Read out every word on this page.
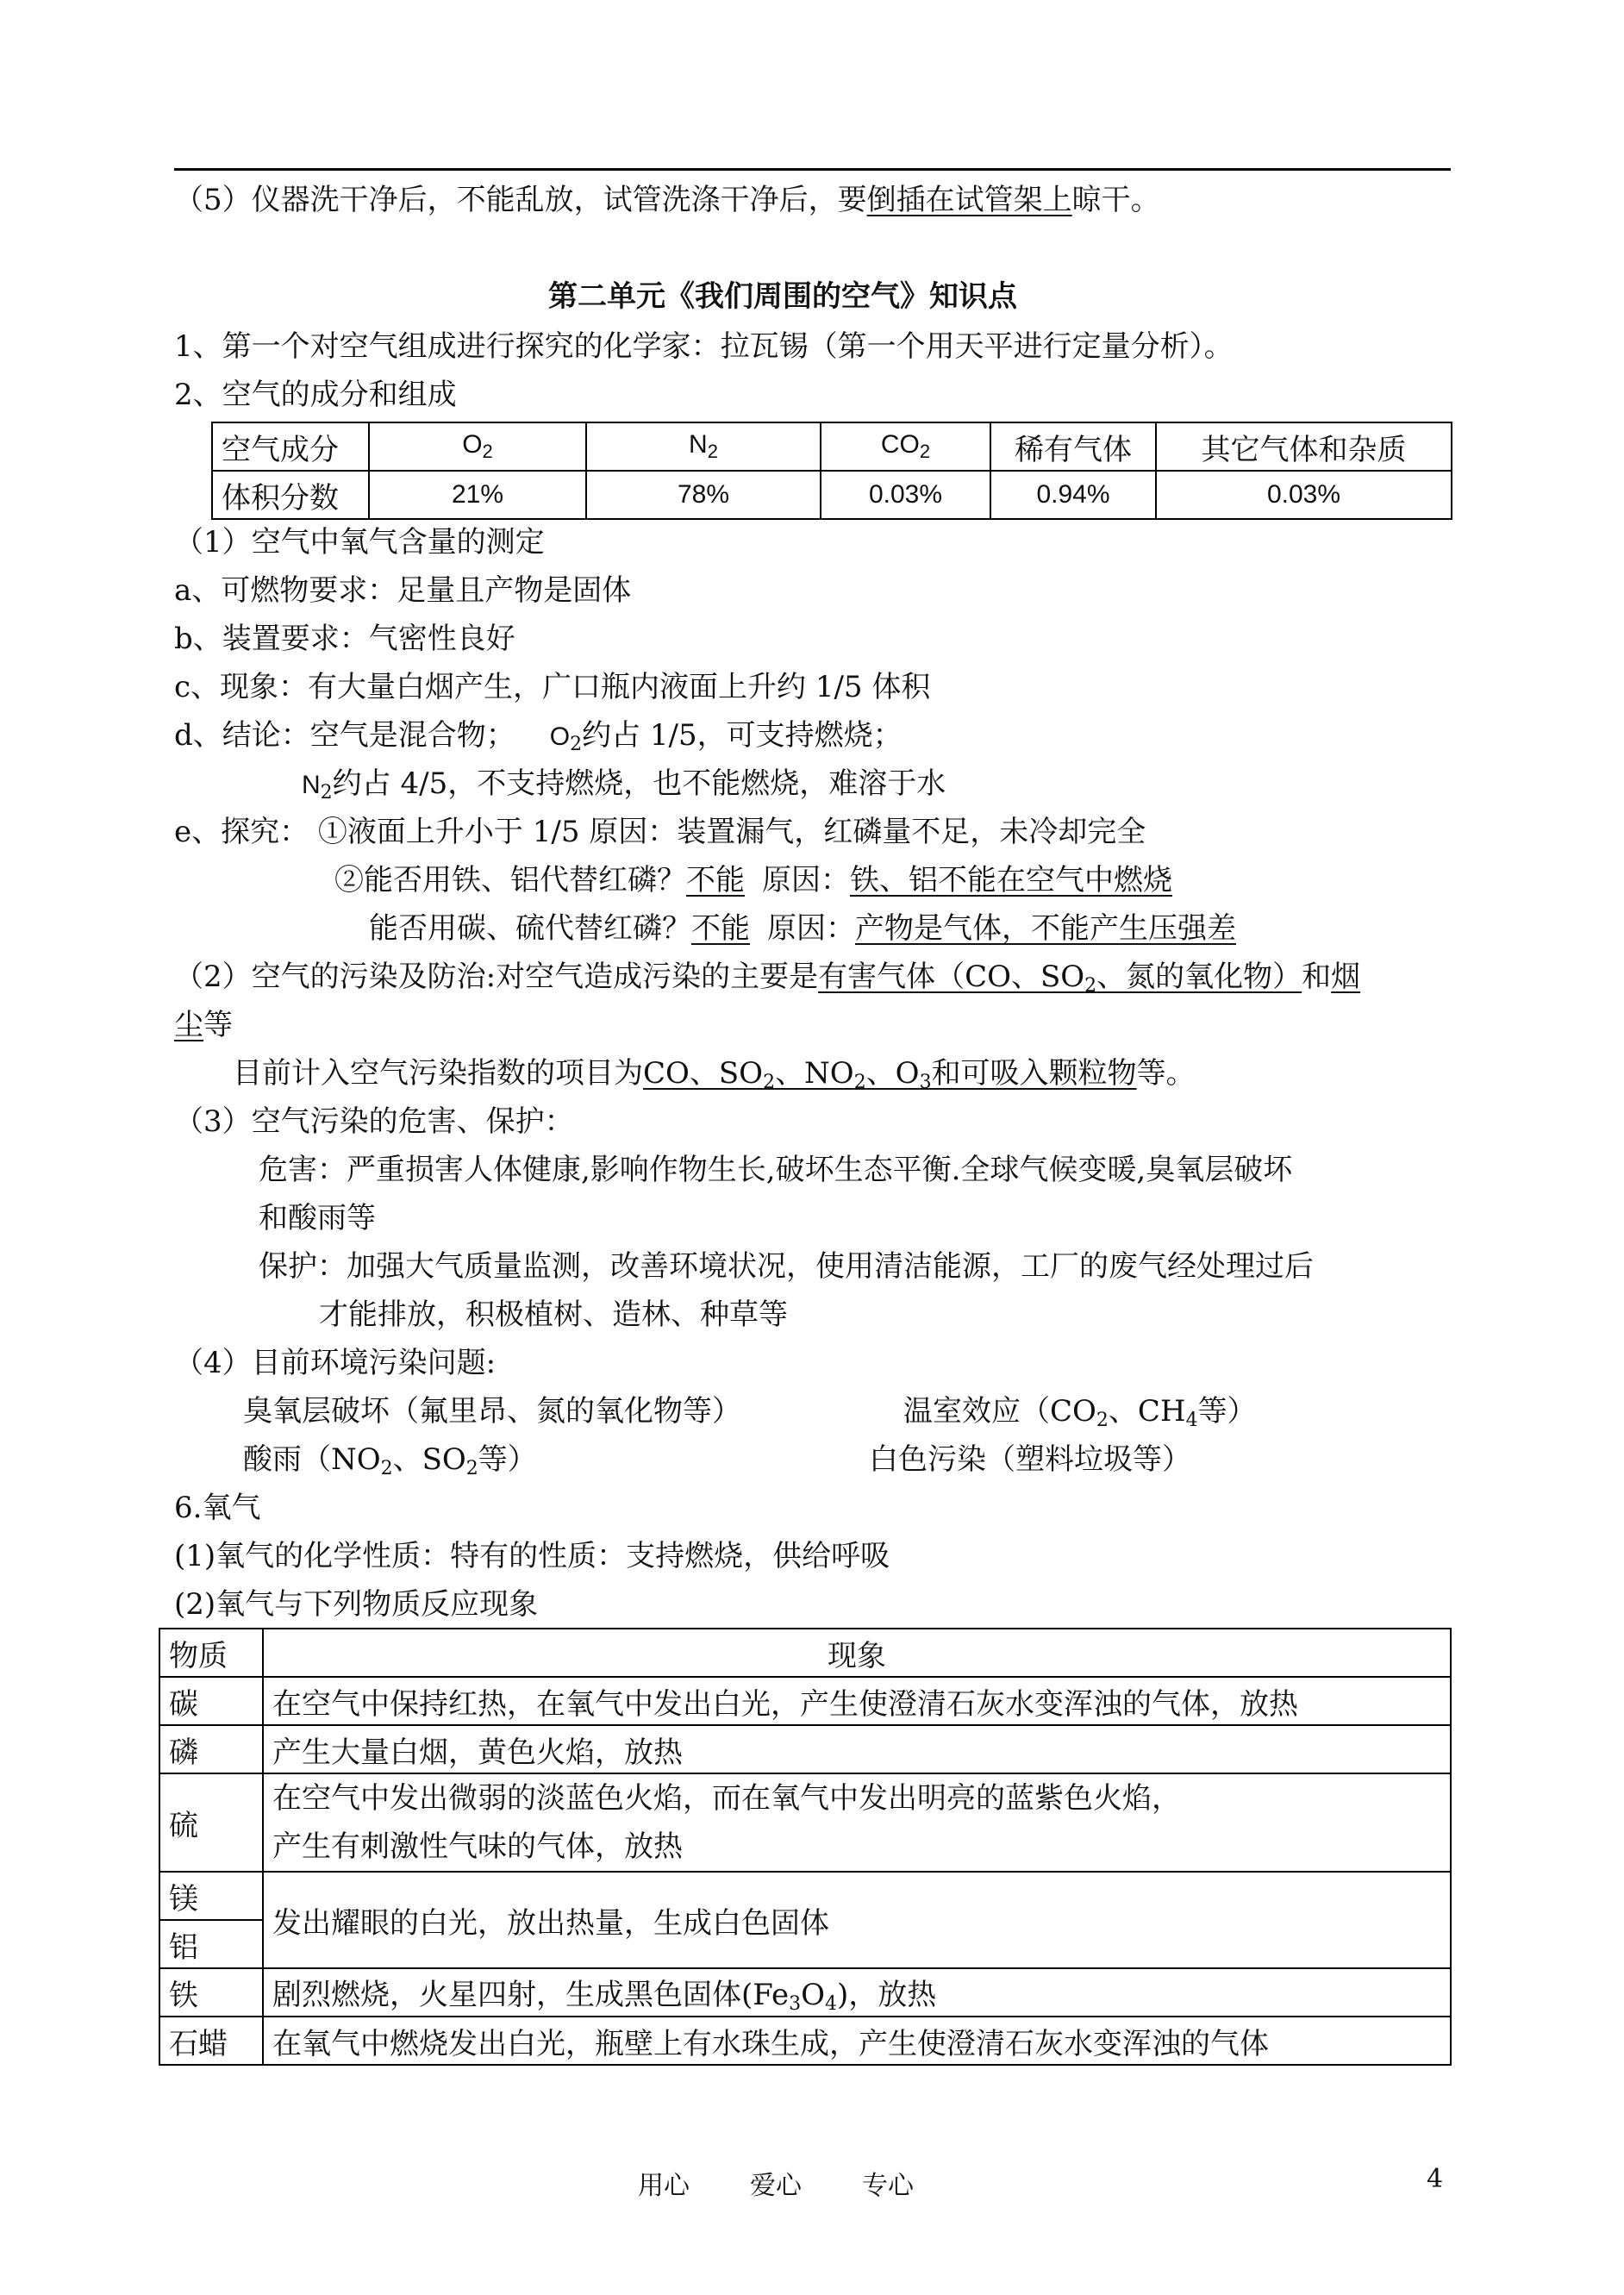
（5）仪器洗干净后，不能乱放，试管洗涤干净后，要倒插在试管架上晾干。
第二单元《我们周围的空气》知识点
1、第一个对空气组成进行探究的化学家：拉瓦锡（第一个用天平进行定量分析）。
2、空气的成分和组成
空气成分	$O_2$	$N_2$	$CO_2$	稀有气体	其它气体和杂质
体积分数	21%	78%	0.03%	0.94%	0.03%
（1）空气中氧气含量的测定
a、可燃物要求：足量且产物是固体
b、装置要求：气密性良好
c、现象：有大量白烟产生，广口瓶内液面上升约 1/5 体积
d、结论：空气是混合物； $O_2$约占 1/5，可支持燃烧；
$N_2$约占 4/5，不支持燃烧，也不能燃烧，难溶于水
e、探究： ①液面上升小于 1/5 原因：装置漏气，红磷量不足，未冷却完全
②能否用铁、铝代替红磷？不能 原因：铁、铝不能在空气中燃烧
能否用碳、硫代替红磷？不能 原因：产物是气体，不能产生压强差
（2）空气的污染及防治:对空气造成污染的主要是有害气体（CO、$SO_2$、氮的氧化物）和烟
尘等
目前计入空气污染指数的项目为CO、$SO_2$、$NO_2$、$O_3$和可吸入颗粒物等。
（3）空气污染的危害、保护：
危害：严重损害人体健康,影响作物生长,破坏生态平衡.全球气候变暖,臭氧层破坏
和酸雨等
保护：加强大气质量监测，改善环境状况，使用清洁能源，工厂的废气经处理过后
才能排放，积极植树、造林、种草等
（4）目前环境污染问题:
臭氧层破坏（氟里昂、氮的氧化物等）	温室效应（$CO_2$、$CH_4$等）
酸雨（$NO_2$、$SO_2$等）	白色污染（塑料垃圾等）
6.氧气
(1)氧气的化学性质：特有的性质：支持燃烧，供给呼吸
(2)氧气与下列物质反应现象
物质	现象
碳	在空气中保持红热，在氧气中发出白光，产生使澄清石灰水变浑浊的气体，放热
磷	产生大量白烟，黄色火焰，放热
硫	在空气中发出微弱的淡蓝色火焰，而在氧气中发出明亮的蓝紫色火焰，
产生有刺激性气味的气体，放热

镁	发出耀眼的白光，放出热量，生成白色固体
铝	
铁	剧烈燃烧，火星四射，生成黑色固体$(Fe_3O_4)$，放热
石蜡	在氧气中燃烧发出白光，瓶壁上有水珠生成，产生使澄清石灰水变浑浊的气体
用心 爱心 专心	4
